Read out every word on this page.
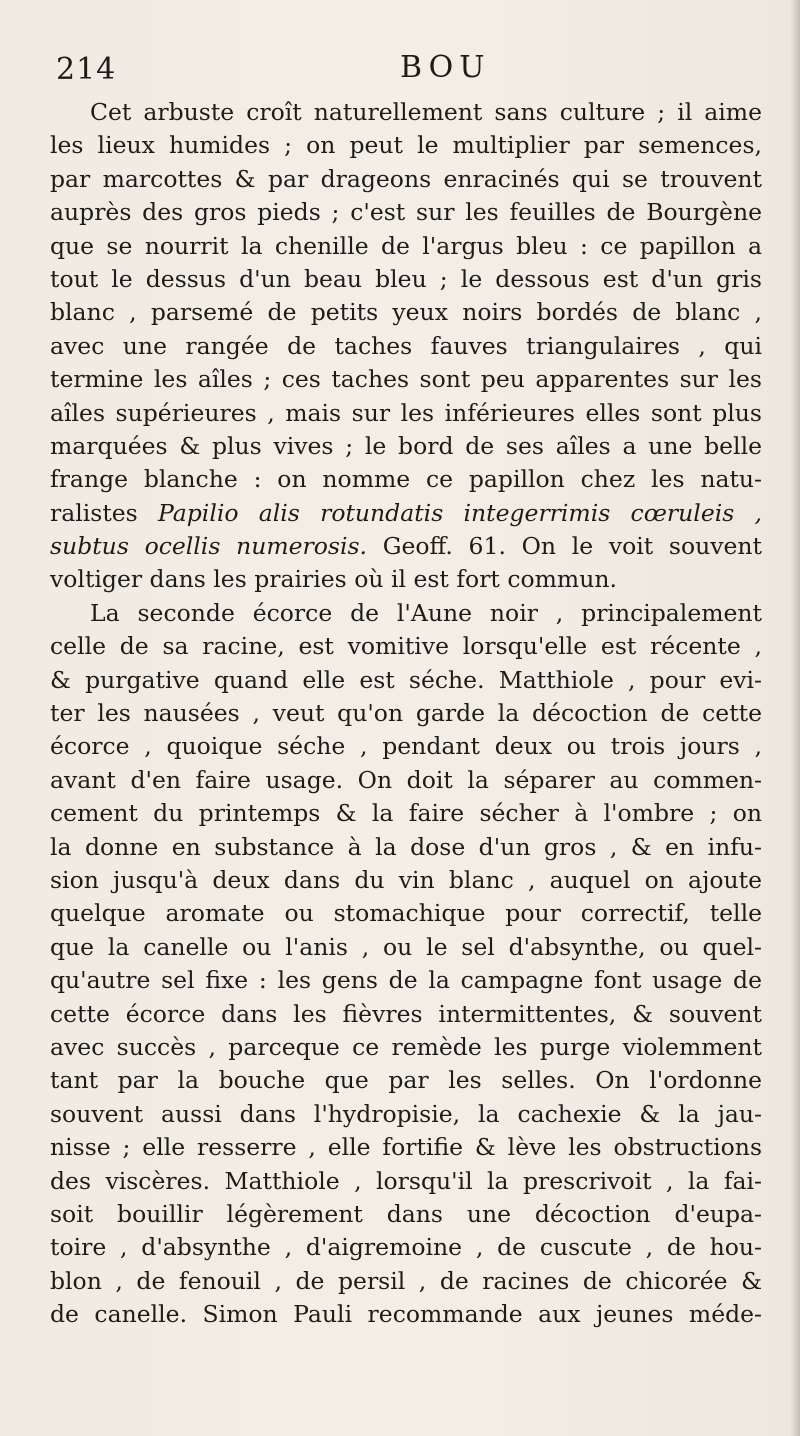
214	BOU
Cet arbuste croît naturellement sans culture ; il aime
les lieux humides ; on peut le multiplier par semences,
par marcottes & par drageons enracinés qui se trouvent
auprès des gros pieds ; c'est sur les feuilles de Bourgène
que se nourrit la chenille de l'argus bleu : ce papillon a
tout le dessus d'un beau bleu ; le dessous est d'un gris
blanc , parsemé de petits yeux noirs bordés de blanc ,
avec une rangée de taches fauves triangulaires , qui
termine les aîles ; ces taches sont peu apparentes sur les
aîles supérieures , mais sur les inférieures elles sont plus
marquées & plus vives ; le bord de ses aîles a une belle
frange blanche : on nomme ce papillon chez les natu-
ralistes Papilio alis rotundatis integerrimis cœruleis ,
subtus ocellis numerosis. Geoff. 61. On le voit souvent
voltiger dans les prairies où il est fort commun.
La seconde écorce de l'Aune noir , principalement
celle de sa racine, est vomitive lorsqu'elle est récente ,
& purgative quand elle est séche. Matthiole , pour evi-
ter les nausées , veut qu'on garde la décoction de cette
écorce , quoique séche , pendant deux ou trois jours ,
avant d'en faire usage. On doit la séparer au commen-
cement du printemps & la faire sécher à l'ombre ; on
la donne en substance à la dose d'un gros , & en infu-
sion jusqu'à deux dans du vin blanc , auquel on ajoute
quelque aromate ou stomachique pour correctif, telle
que la canelle ou l'anis , ou le sel d'absynthe, ou quel-
qu'autre sel fixe : les gens de la campagne font usage de
cette écorce dans les fièvres intermittentes, & souvent
avec succès , parceque ce remède les purge violemment
tant par la bouche que par les selles. On l'ordonne
souvent aussi dans l'hydropisie, la cachexie & la jau-
nisse ; elle resserre , elle fortifie & lève les obstructions
des viscères. Matthiole , lorsqu'il la prescrivoit , la fai-
soit bouillir légèrement dans une décoction d'eupa-
toire , d'absynthe , d'aigremoine , de cuscute , de hou-
blon , de fenouil , de persil , de racines de chicorée &
de canelle. Simon Pauli recommande aux jeunes méde-
